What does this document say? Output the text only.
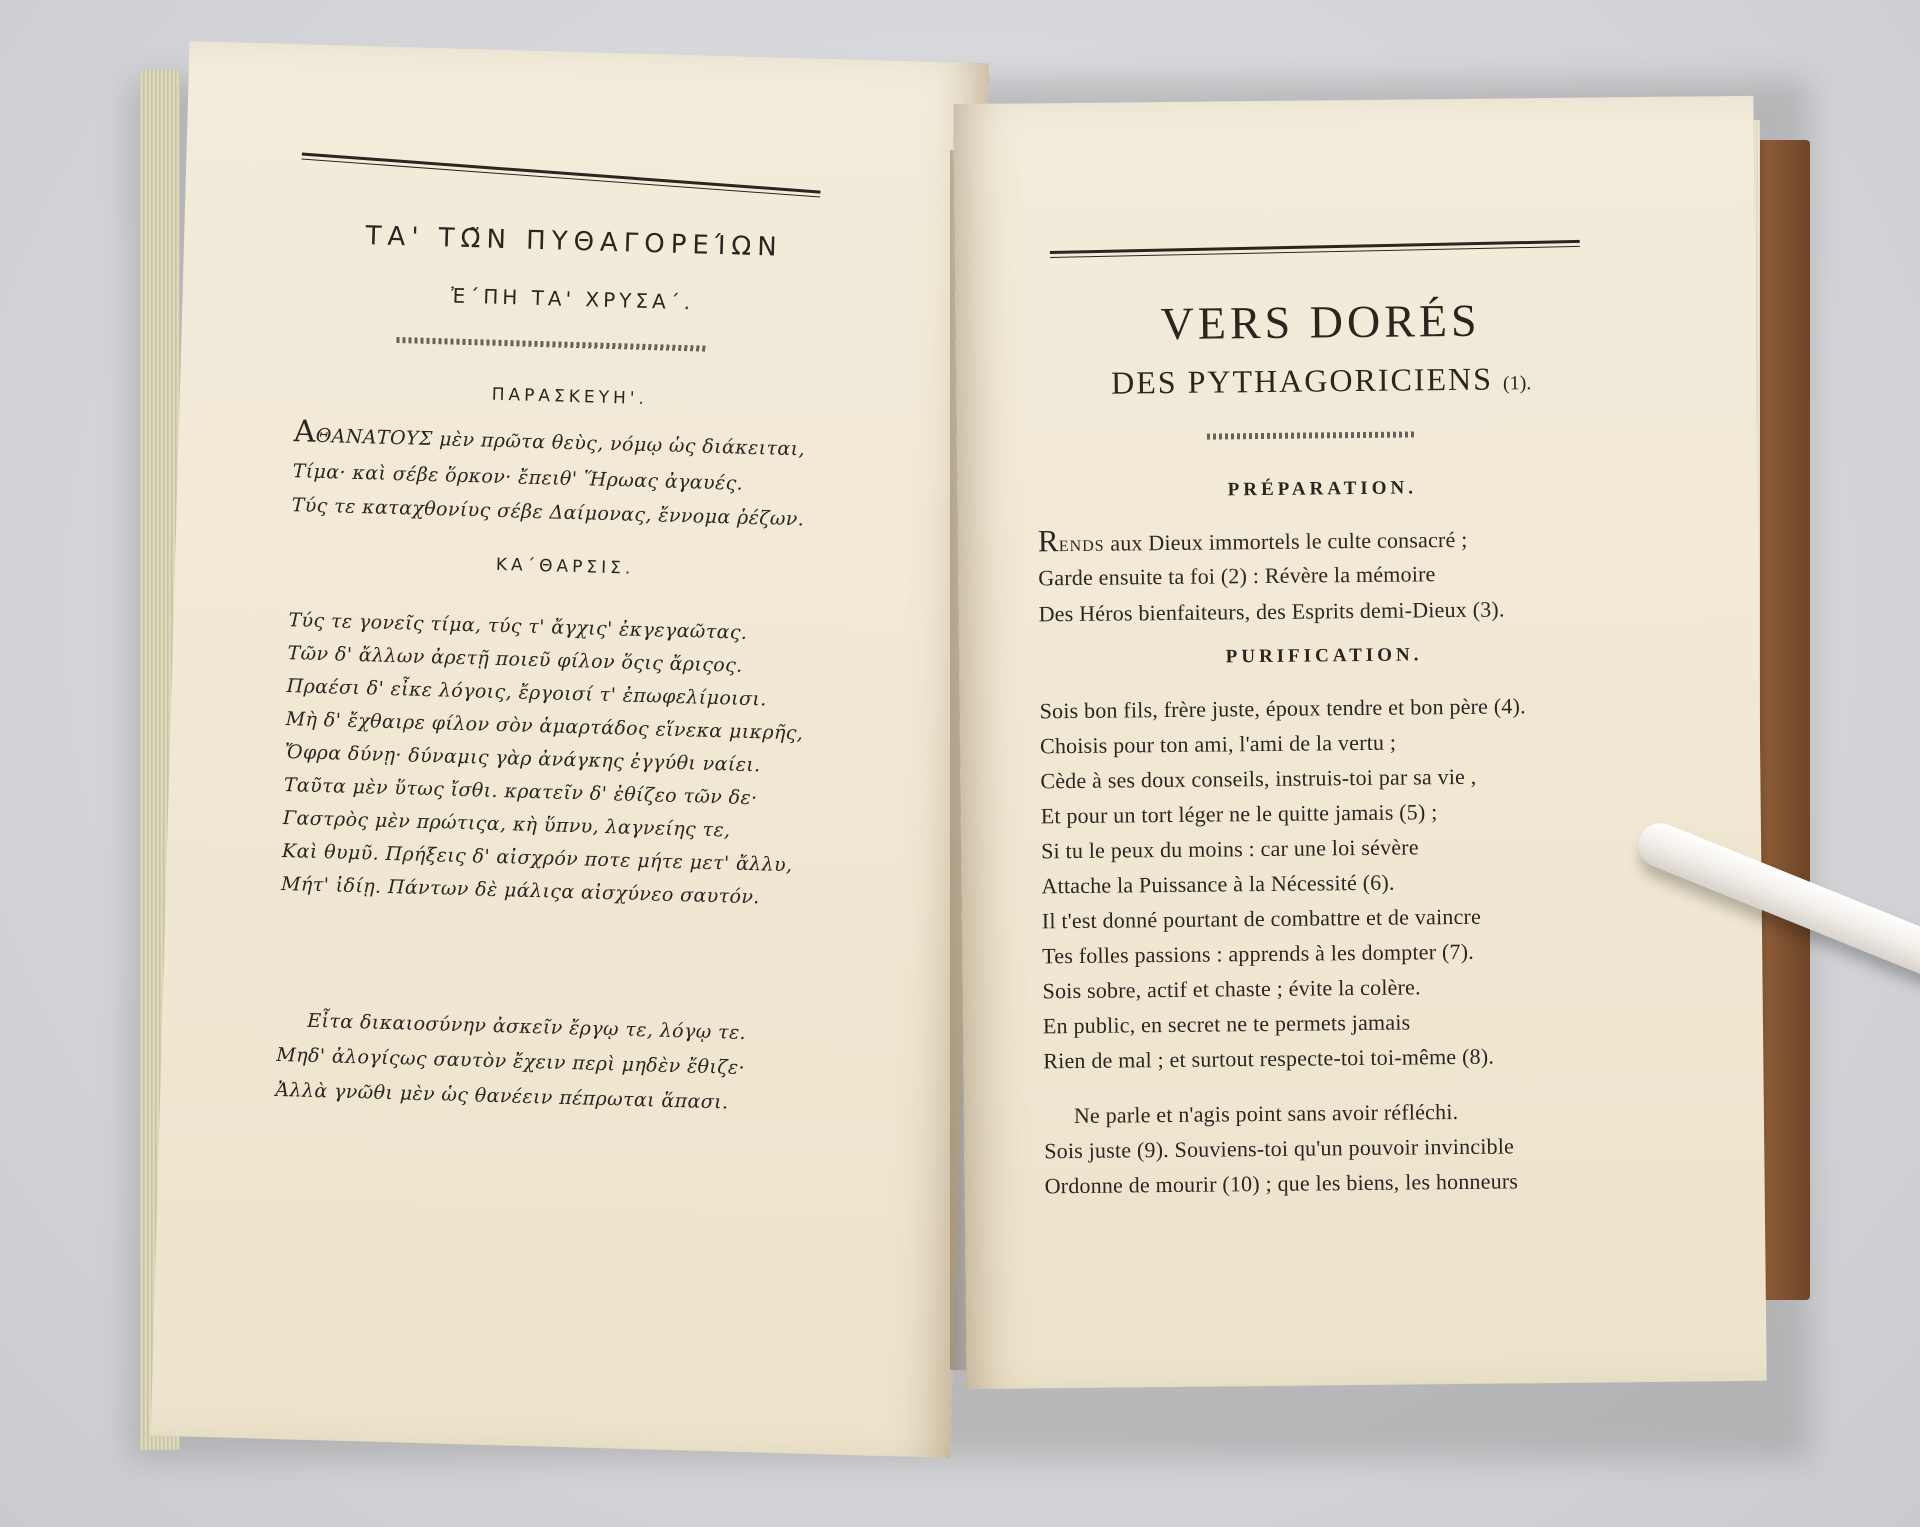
ΤΑ' ΤΩ͂Ν ΠΥΘΑΓΟΡΕΊΩΝ
Ἐ΄ΠΗ ΤΑ' ΧΡΥΣΑ΄.
ΠΑΡΑΣΚΕΥΗ'.
ΑΘΑΝΑΤΟΥΣ μὲν πρῶτα θεὺς, νόμῳ ὡς διάκειται,
Τίμα· καὶ σέβε ὅρκον· ἔπειθ' Ἥρωας ἀγαυές.
Τύς τε καταχθονίυς σέβε Δαίμονας, ἔννομα ῥέζων.
ΚΑ΄ΘΑΡΣΙΣ.
Τύς τε γονεῖς τίμα, τύς τ' ἄγχις' ἐκγεγαῶτας.
Τῶν δ' ἄλλων ἀρετῇ ποιεῦ φίλον ὅςις ἄριςος.
Πραέσι δ' εἶκε λόγοις, ἔργοισί τ' ἐπωφελίμοισι.
Μὴ δ' ἔχθαιρε φίλον σὸν ἁμαρτάδος εἵνεκα μικρῆς,
Ὄφρα δύνῃ· δύναμις γὰρ ἀνάγκης ἐγγύθι ναίει.
Ταῦτα μὲν ὕτως ἴσθι. κρατεῖν δ' ἐθίζεο τῶν δε·
Γαστρὸς μὲν πρώτιςα, κὴ ὕπνυ, λαγνείης τε,
Καὶ θυμῦ. Πρήξεις δ' αἰσχρόν ποτε μήτε μετ' ἄλλυ,
Μήτ' ἰδίῃ. Πάντων δὲ μάλιςα αἰσχύνεο σαυτόν.
Εἶτα δικαιοσύνην ἀσκεῖν ἔργῳ τε, λόγῳ τε.
Μηδ' ἀλογίςως σαυτὸν ἔχειν περὶ μηδὲν ἔθιζε·
Ἀλλὰ γνῶθι μὲν ὡς θανέειν πέπρωται ἅπασι.
VERS DORÉS
DES PYTHAGORICIENS (1).
PRÉPARATION.
RENDS aux Dieux immortels le culte consacré ;
Garde ensuite ta foi (2) : Révère la mémoire
Des Héros bienfaiteurs, des Esprits demi-Dieux (3).
PURIFICATION.
Sois bon fils, frère juste, époux tendre et bon père (4).
Choisis pour ton ami, l'ami de la vertu ;
Cède à ses doux conseils, instruis-toi par sa vie ,
Et pour un tort léger ne le quitte jamais (5) ;
Si tu le peux du moins : car une loi sévère
Attache la Puissance à la Nécessité (6).
Il t'est donné pourtant de combattre et de vaincre
Tes folles passions : apprends à les dompter (7).
Sois sobre, actif et chaste ; évite la colère.
En public, en secret ne te permets jamais
Rien de mal ; et surtout respecte-toi toi-même (8).
Ne parle et n'agis point sans avoir réfléchi.
Sois juste (9). Souviens-toi qu'un pouvoir invincible
Ordonne de mourir (10) ; que les biens, les honneurs
